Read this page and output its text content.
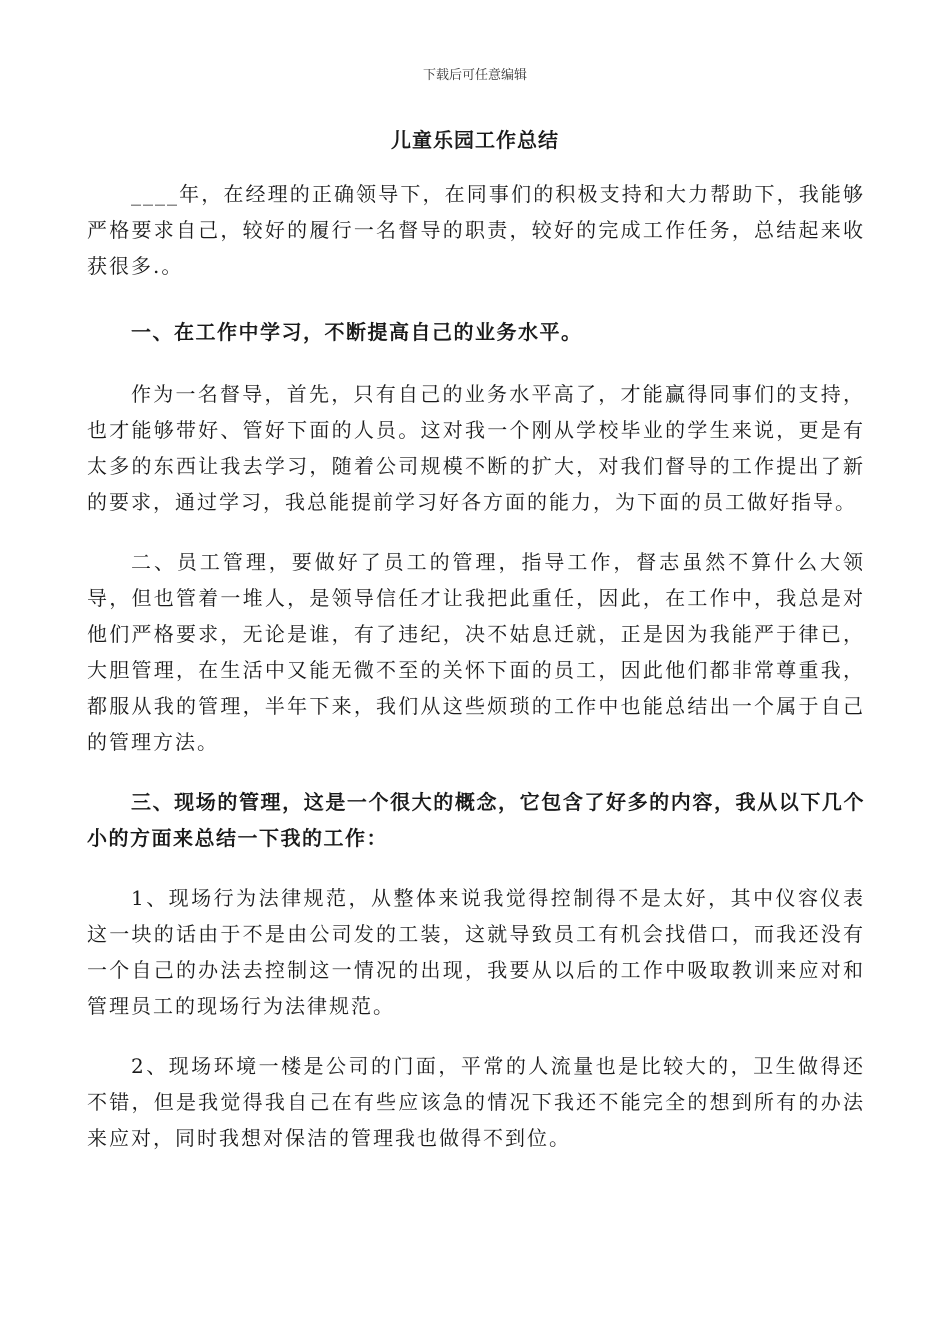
下载后可任意编辑
儿童乐园工作总结

____年，在经理的正确领导下，在同事们的积极支持和大力帮助下，我能够严格要求自己，较好的履行一名督导的职责，较好的完成工作任务，总结起来收获很多.。

一、在工作中学习，不断提高自己的业务水平。

作为一名督导，首先，只有自己的业务水平高了，才能赢得同事们的支持，也才能够带好、管好下面的人员。这对我一个刚从学校毕业的学生来说，更是有太多的东西让我去学习，随着公司规模不断的扩大，对我们督导的工作提出了新的要求，通过学习，我总能提前学习好各方面的能力，为下面的员工做好指导。

二、员工管理，要做好了员工的管理，指导工作，督志虽然不算什么大领导，但也管着一堆人，是领导信任才让我把此重任，因此，在工作中，我总是对他们严格要求，无论是谁，有了违纪，决不姑息迁就，正是因为我能严于律已，大胆管理，在生活中又能无微不至的关怀下面的员工，因此他们都非常尊重我，都服从我的管理，半年下来，我们从这些烦琐的工作中也能总结出一个属于自己的管理方法。

三、现场的管理，这是一个很大的概念，它包含了好多的内容，我从以下几个小的方面来总结一下我的工作：

1、现场行为法律规范，从整体来说我觉得控制得不是太好，其中仪容仪表这一块的话由于不是由公司发的工装，这就导致员工有机会找借口，而我还没有一个自己的办法去控制这一情况的出现，我要从以后的工作中吸取教训来应对和管理员工的现场行为法律规范。

2、现场环境一楼是公司的门面，平常的人流量也是比较大的，卫生做得还不错，但是我觉得我自己在有些应该急的情况下我还不能完全的想到所有的办法来应对，同时我想对保洁的管理我也做得不到位。
